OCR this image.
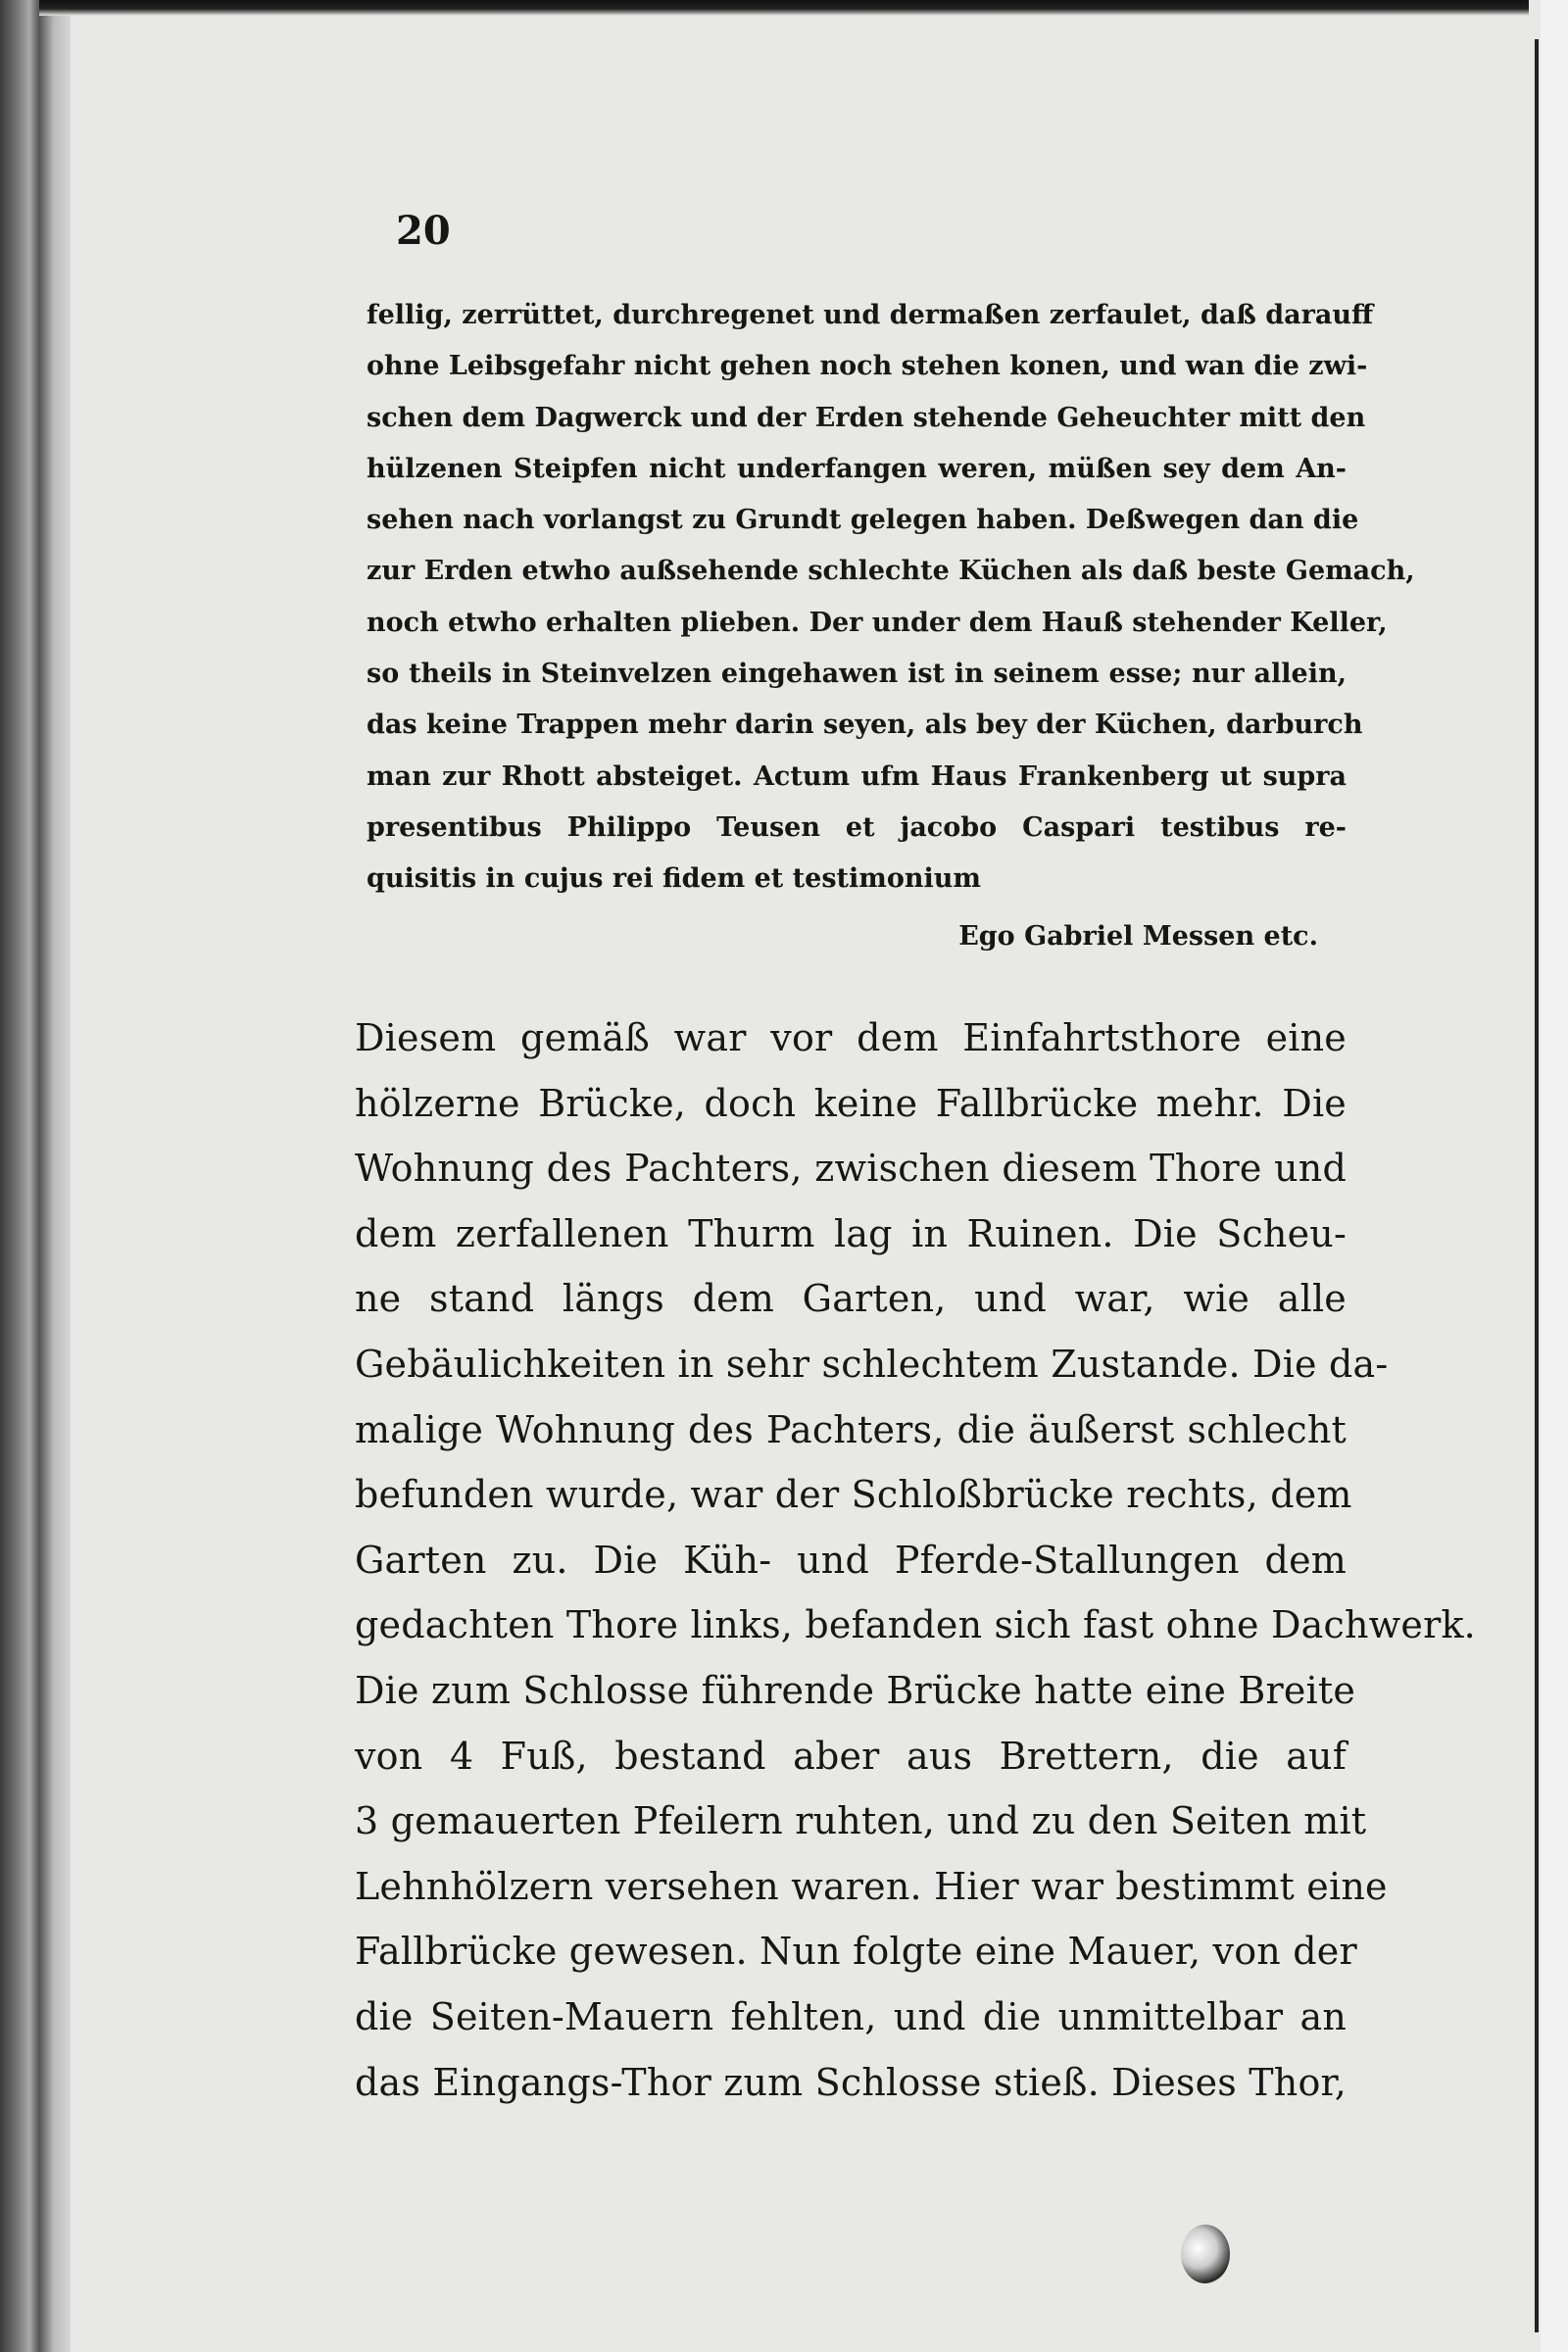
20
fellig, zerrüttet, durchregenet und dermaßen zerfaulet, daß darauff
ohne Leibsgefahr nicht gehen noch stehen konen, und wan die zwi-
schen dem Dagwerck und der Erden stehende Geheuchter mitt den
hülzenen Steipfen nicht underfangen weren, müßen sey dem An-
sehen nach vorlangst zu Grundt gelegen haben. Deßwegen dan die
zur Erden etwho außsehende schlechte Küchen als daß beste Gemach,
noch etwho erhalten plieben. Der under dem Hauß stehender Keller,
so theils in Steinvelzen eingehawen ist in seinem esse; nur allein,
das keine Trappen mehr darin seyen, als bey der Küchen, darburch
man zur Rhott absteiget. Actum ufm Haus Frankenberg ut supra
presentibus Philippo Teusen et jacobo Caspari testibus re-
quisitis in cujus rei fidem et testimonium
Ego Gabriel Messen etc.
Diesem gemäß war vor dem Einfahrtsthore eine
hölzerne Brücke, doch keine Fallbrücke mehr. Die
Wohnung des Pachters, zwischen diesem Thore und
dem zerfallenen Thurm lag in Ruinen. Die Scheu-
ne stand längs dem Garten, und war, wie alle
Gebäulichkeiten in sehr schlechtem Zustande. Die da-
malige Wohnung des Pachters, die äußerst schlecht
befunden wurde, war der Schloßbrücke rechts, dem
Garten zu. Die Küh- und Pferde-Stallungen dem
gedachten Thore links, befanden sich fast ohne Dachwerk.
Die zum Schlosse führende Brücke hatte eine Breite
von 4 Fuß, bestand aber aus Brettern, die auf
3 gemauerten Pfeilern ruhten, und zu den Seiten mit
Lehnhölzern versehen waren. Hier war bestimmt eine
Fallbrücke gewesen. Nun folgte eine Mauer, von der
die Seiten-Mauern fehlten, und die unmittelbar an
das Eingangs-Thor zum Schlosse stieß. Dieses Thor,
